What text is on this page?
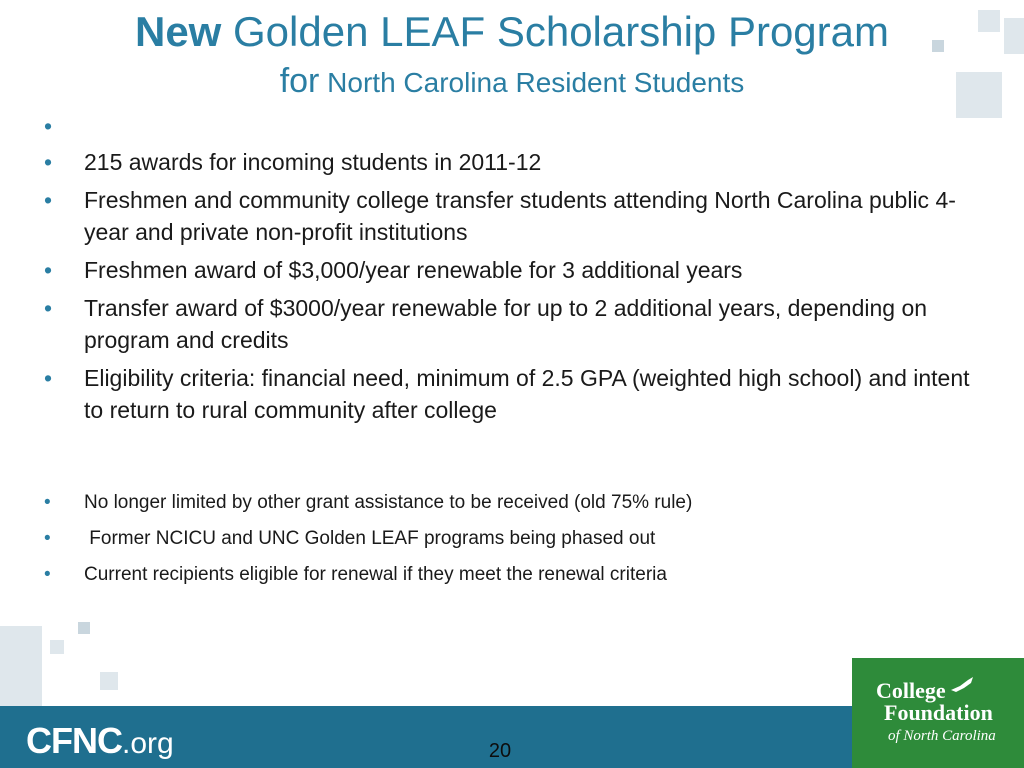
New Golden LEAF Scholarship Program
for North Carolina Resident Students
•
• 215 awards for incoming students in 2011-12
• Freshmen and community college transfer students attending North Carolina public 4-year and private non-profit institutions
• Freshmen award of $3,000/year renewable for 3 additional years
• Transfer award of $3000/year renewable for up to 2 additional years, depending on program and credits
• Eligibility criteria: financial need, minimum of 2.5 GPA (weighted high school) and intent to return to rural community after college
• No longer limited by other grant assistance to be received (old 75% rule)
• Former NCICU and UNC Golden LEAF programs being phased out
• Current recipients eligible for renewal if they meet the renewal criteria
CFNC.org	20
College
Foundation
of North Carolina
